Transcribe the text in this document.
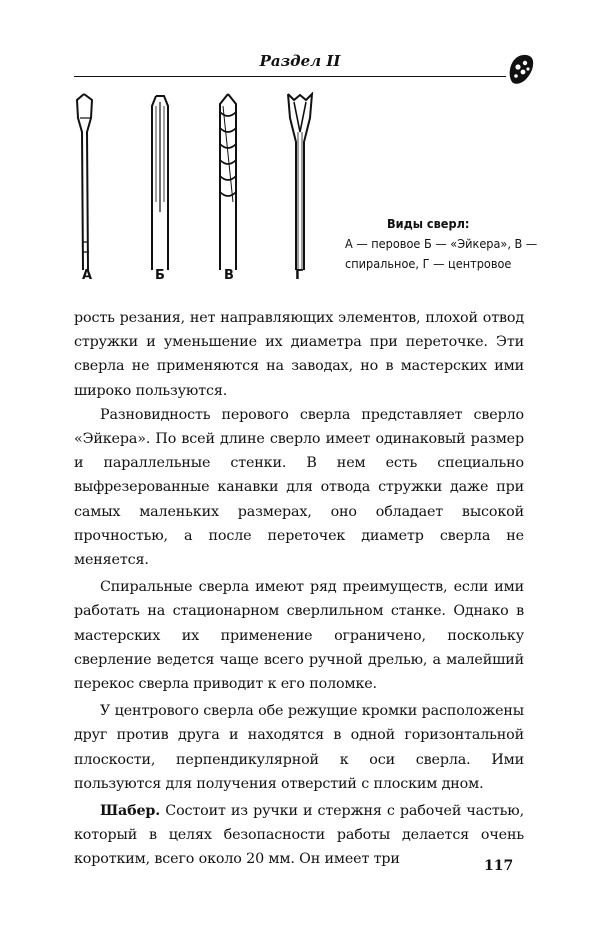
Раздел II
А	Б	В	Г
Виды сверл:
А — перовое Б — «Эйкера», В — спиральное, Г — центровое

рость резания, нет направляющих элементов, плохой отвод стружки и уменьшение их диаметра при переточке. Эти сверла не применяются на заводах, но в мастерских ими широко пользуются.

Разновидность перового сверла представляет сверло «Эйкера». По всей длине сверло имеет одинаковый размер и параллельные стенки. В нем есть специально выфрезерованные канавки для отвода стружки даже при самых маленьких размерах, оно обладает высокой прочностью, а после переточек диаметр сверла не меняется.

Спиральные сверла имеют ряд преимуществ, если ими работать на стационарном сверлильном станке. Однако в мастерских их применение ограничено, поскольку сверление ведется чаще всего ручной дрелью, а малейший перекос сверла приводит к его поломке.

У центрового сверла обе режущие кромки расположены друг против друга и находятся в одной горизонтальной плоскости, перпендикулярной к оси сверла. Ими пользуются для получения отверстий с плоским дном.

Шабер. Состоит из ручки и стержня с рабочей частью, который в целях безопасности работы делается очень коротким, всего около 20 мм. Он имеет три	117
